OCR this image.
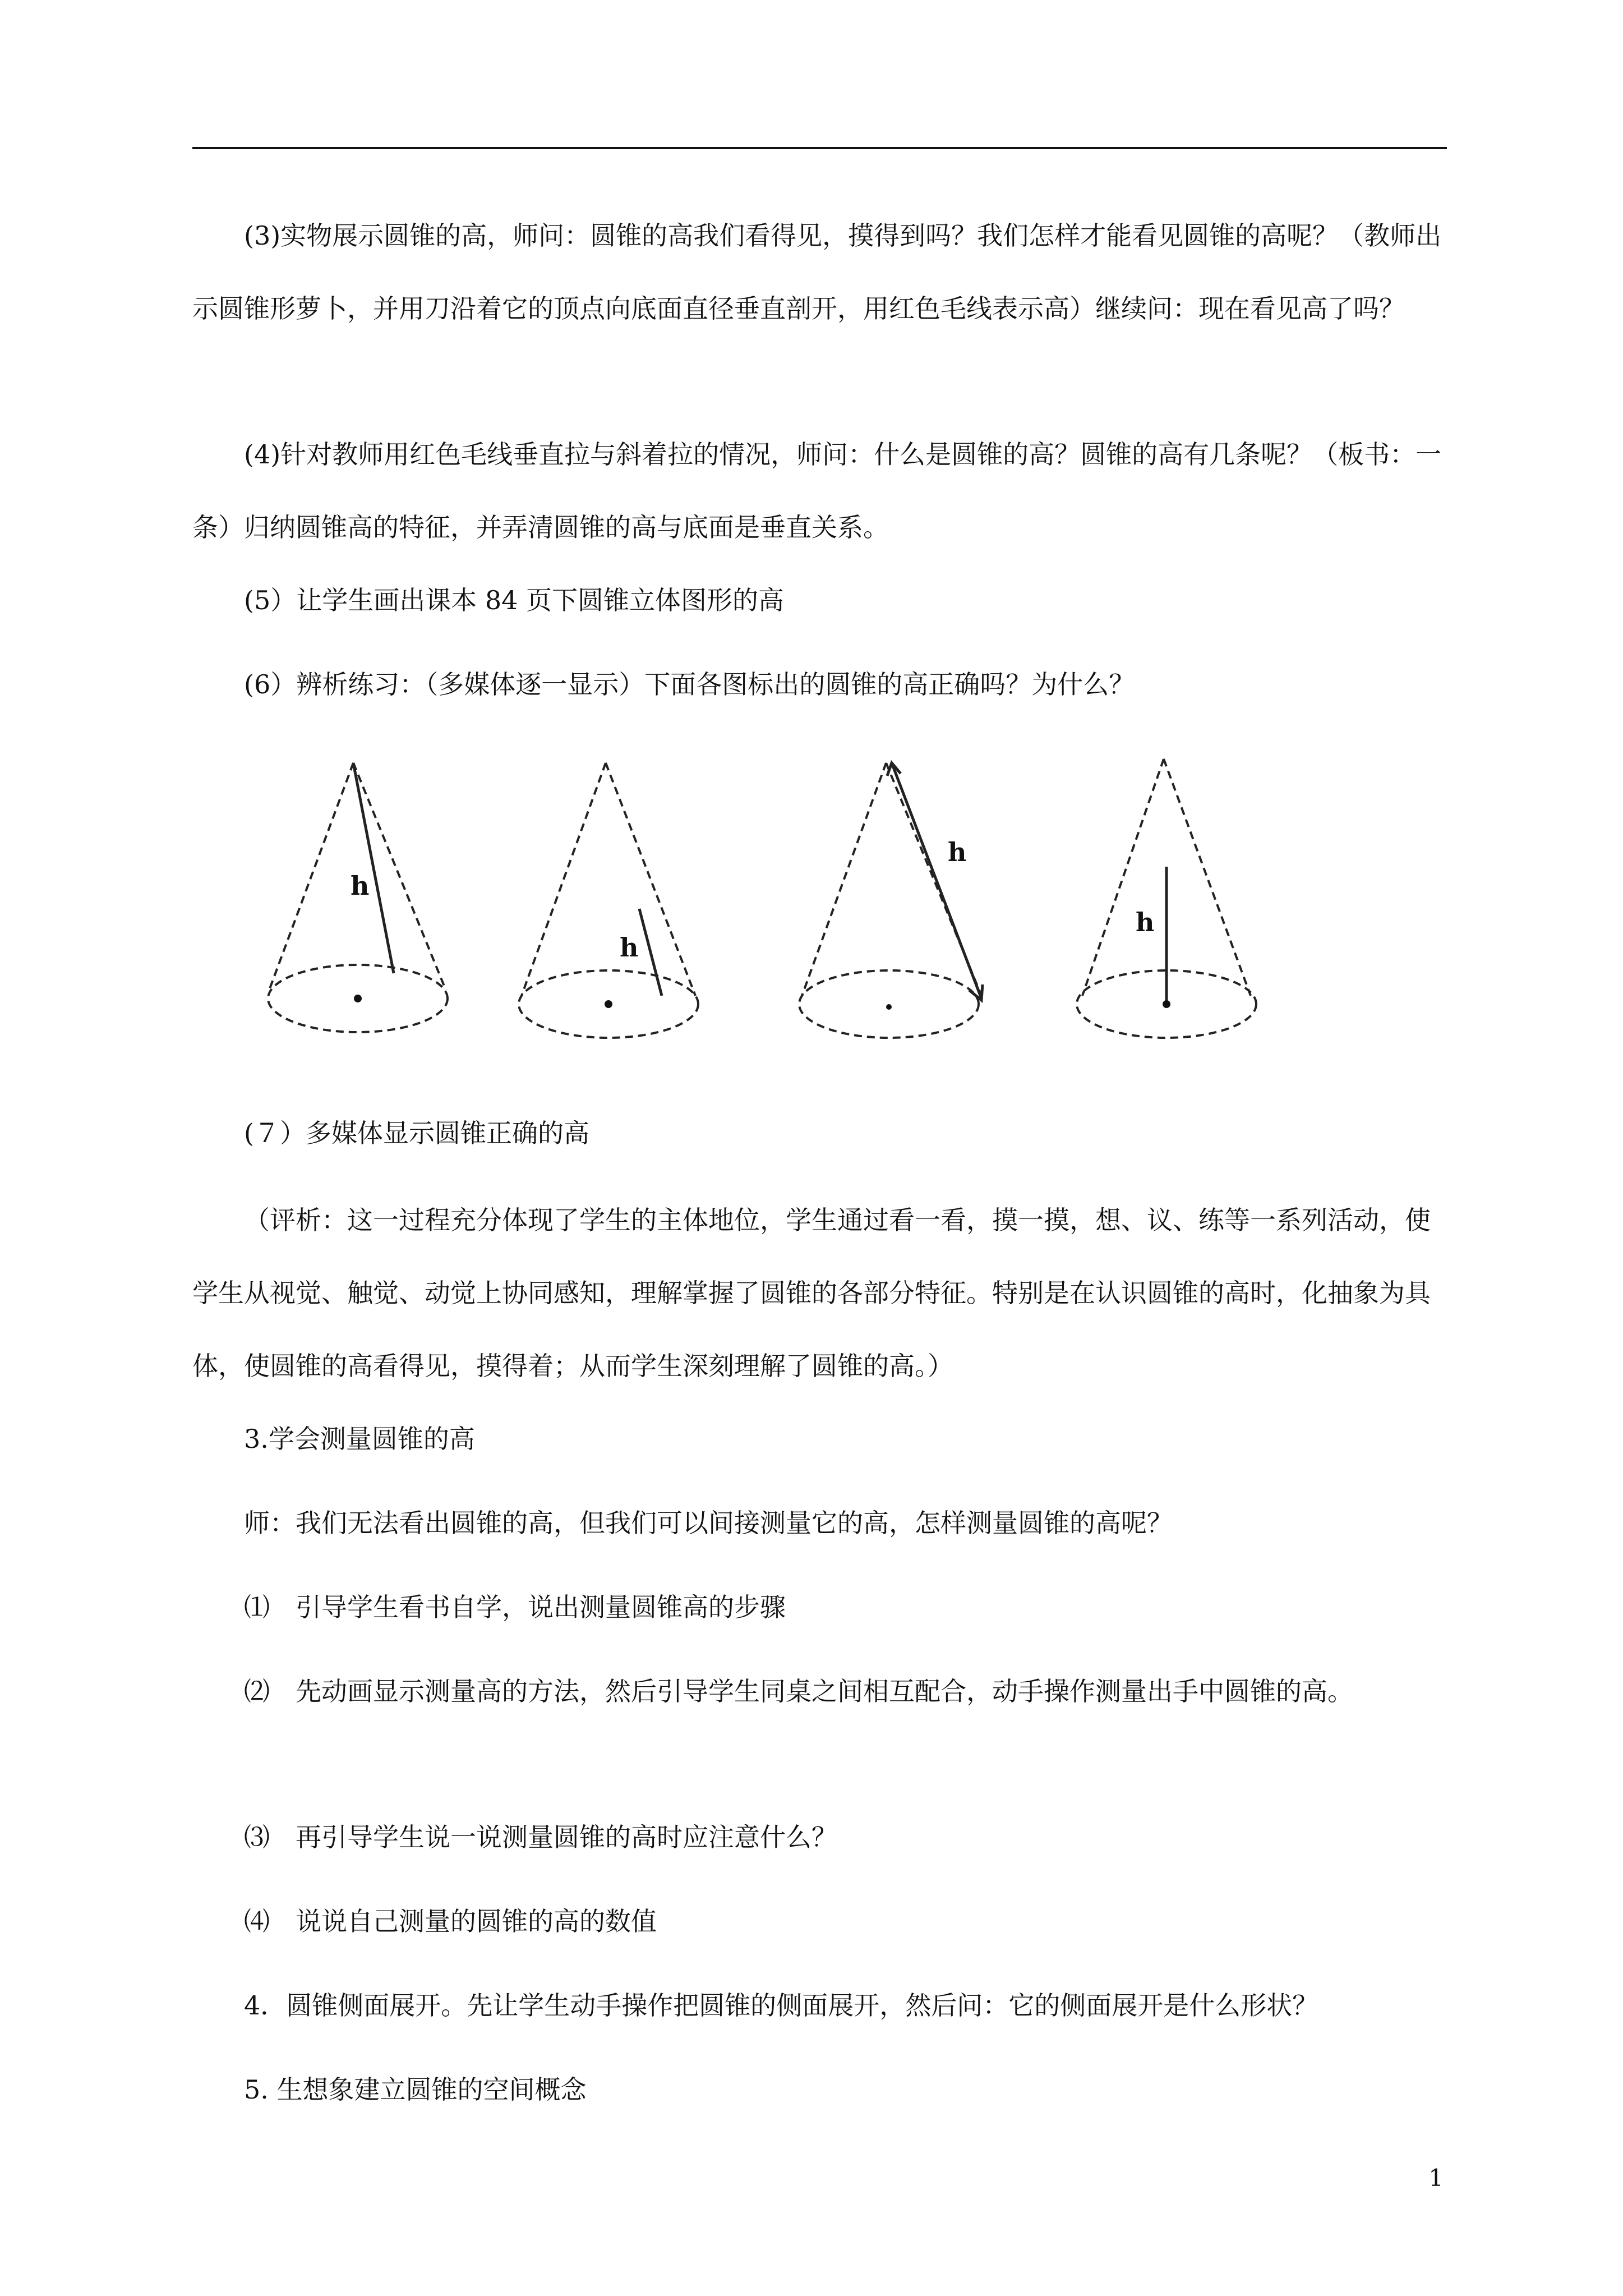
(3)实物展示圆锥的高，师问：圆锥的高我们看得见，摸得到吗？我们怎样才能看见圆锥的高呢？（教师出示圆锥形萝卜，并用刀沿着它的顶点向底面直径垂直剖开，用红色毛线表示高）继续问：现在看见高了吗？

(4)针对教师用红色毛线垂直拉与斜着拉的情况，师问：什么是圆锥的高？圆锥的高有几条呢？（板书：一条）归纳圆锥高的特征，并弄清圆锥的高与底面是垂直关系。

(5）让学生画出课本 84 页下圆锥立体图形的高

(6）辨析练习：（多媒体逐一显示）下面各图标出的圆锥的高正确吗？为什么？

h
h
h
h

(７）多媒体显示圆锥正确的高

（评析：这一过程充分体现了学生的主体地位，学生通过看一看，摸一摸，想、议、练等一系列活动，使学生从视觉、触觉、动觉上协同感知，理解掌握了圆锥的各部分特征。特别是在认识圆锥的高时，化抽象为具体，使圆锥的高看得见，摸得着；从而学生深刻理解了圆锥的高。）

3.学会测量圆锥的高

师：我们无法看出圆锥的高，但我们可以间接测量它的高，怎样测量圆锥的高呢？

⑴　引导学生看书自学，说出测量圆锥高的步骤

⑵　先动画显示测量高的方法，然后引导学生同桌之间相互配合，动手操作测量出手中圆锥的高。

⑶　再引导学生说一说测量圆锥的高时应注意什么？

⑷　说说自己测量的圆锥的高的数值

4．圆锥侧面展开。先让学生动手操作把圆锥的侧面展开，然后问：它的侧面展开是什么形状？

5. 生想象建立圆锥的空间概念

1
